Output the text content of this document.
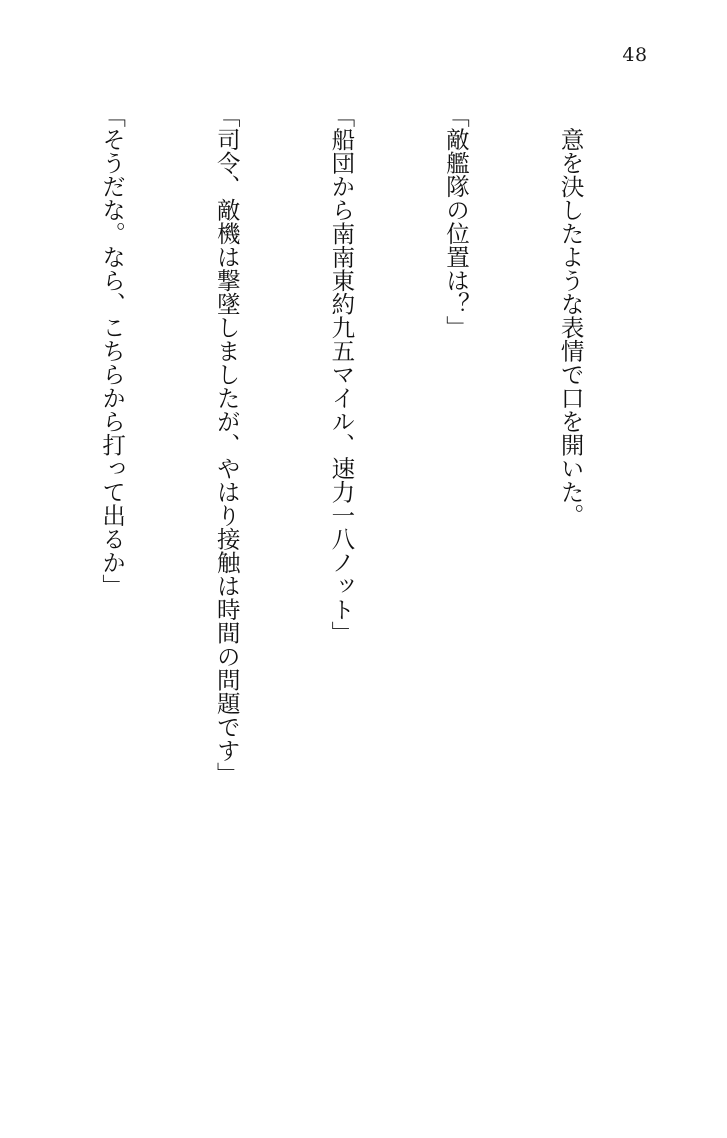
48

　意を決したような表情で口を開いた。

「敵艦隊の位置は？」

「船団から南南東約九五マイル、速力一八ノット」

「司令、敵機は撃墜しましたが、やはり接触は時間の問題です」

「そうだな。なら、こちらから打って出るか」
